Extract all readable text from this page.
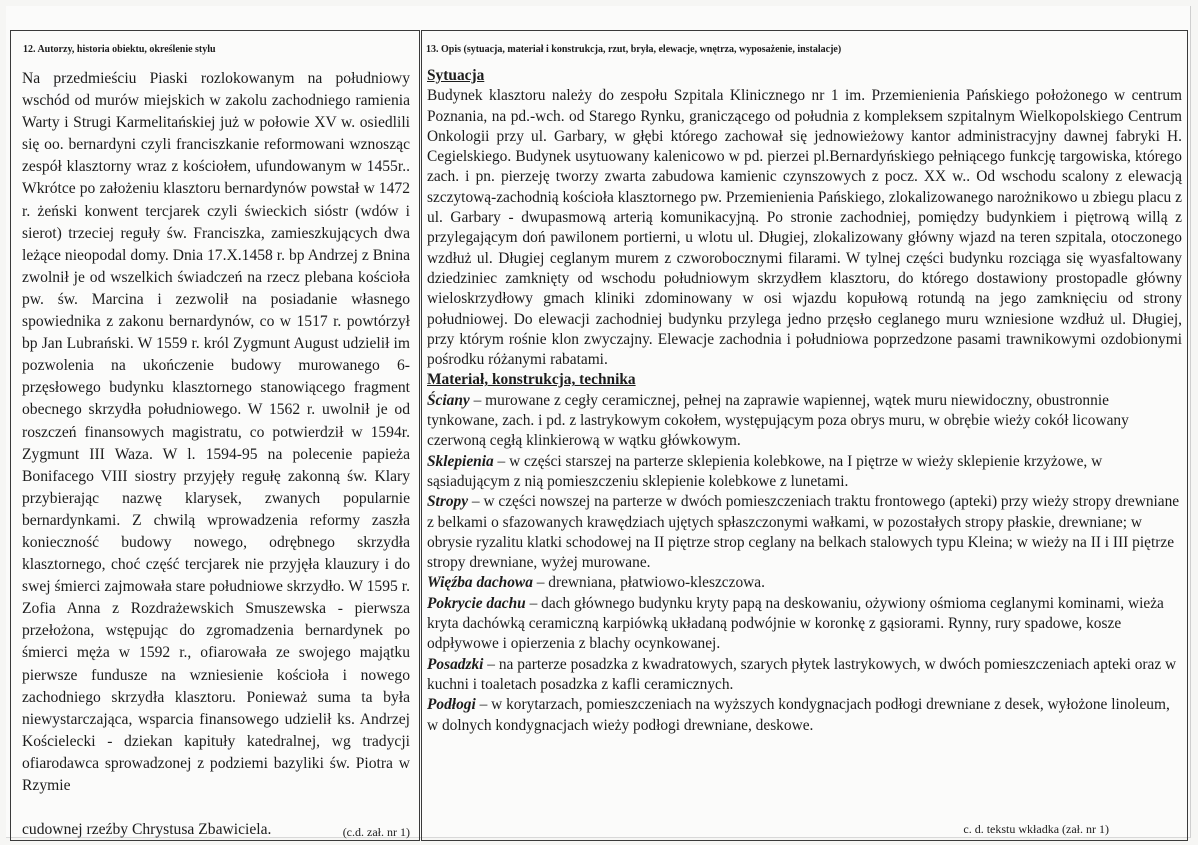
12. Autorzy, historia obiektu, określenie stylu

Na przedmieściu Piaski rozlokowanym na południowy wschód od murów miejskich w zakolu zachodniego ramienia Warty i Strugi Karmelitańskiej już w połowie XV w. osiedlili się oo. bernardyni czyli franciszkanie reformowani wznosząc zespół klasztorny wraz z kościołem, ufundowanym w 1455r.. Wkrótce po założeniu klasztoru bernardynów powstał w 1472 r. żeński konwent tercjarek czyli świeckich sióstr (wdów i sierot) trzeciej reguły św. Franciszka, zamieszkujących dwa leżące nieopodal domy. Dnia 17.X.1458 r. bp Andrzej z Bnina zwolnił je od wszelkich świadczeń na rzecz plebana kościoła pw. św. Marcina i zezwolił na posiadanie własnego spowiednika z zakonu bernardynów, co w 1517 r. powtórzył bp Jan Lubrański. W 1559 r. król Zygmunt August udzielił im pozwolenia na ukończenie budowy murowanego 6-przęsłowego budynku klasztornego stanowiącego fragment obecnego skrzydła południowego. W 1562 r. uwolnił je od roszczeń finansowych magistratu, co potwierdził w 1594r. Zygmunt III Waza. W l. 1594-95 na polecenie papieża Bonifacego VIII siostry przyjęły regułę zakonną św. Klary przybierając nazwę klarysek, zwanych popularnie bernardynkami. Z chwilą wprowadzenia reformy zaszła konieczność budowy nowego, odrębnego skrzydła klasztornego, choć część tercjarek nie przyjęła klauzury i do swej śmierci zajmowała stare południowe skrzydło. W 1595 r. Zofia Anna z Rozdrażewskich Smuszewska - pierwsza przełożona, wstępując do zgromadzenia bernardynek po śmierci męża w 1592 r., ofiarowała ze swojego majątku pierwsze fundusze na wzniesienie kościoła i nowego zachodniego skrzydła klasztoru. Ponieważ suma ta była niewystarczająca, wsparcia finansowego udzielił ks. Andrzej Kościelecki - dziekan kapituły katedralnej, wg tradycji ofiarodawca sprowadzonej z podziemi bazyliki św. Piotra w Rzymie

cudownej rzeźby Chrystusa Zbawiciela.	(c.d. zał. nr 1)
13. Opis (sytuacja, materiał i konstrukcja, rzut, bryła, elewacje, wnętrza, wyposażenie, instalacje)

Sytuacja

Budynek klasztoru należy do zespołu Szpitala Klinicznego nr 1 im. Przemienienia Pańskiego położonego w centrum Poznania, na pd.-wch. od Starego Rynku, graniczącego od południa z kompleksem szpitalnym Wielkopolskiego Centrum Onkologii przy ul. Garbary, w głębi którego zachował się jednowieżowy kantor administracyjny dawnej fabryki H. Cegielskiego. Budynek usytuowany kalenicowo w pd. pierzei pl.Bernardyńskiego pełniącego funkcję targowiska, którego zach. i pn. pierzeję tworzy zwarta zabudowa kamienic czynszowych z pocz. XX w.. Od wschodu scalony z elewacją szczytową-zachodnią kościoła klasztornego pw. Przemienienia Pańskiego, zlokalizowanego narożnikowo u zbiegu placu z ul. Garbary - dwupasmową arterią komunikacyjną. Po stronie zachodniej, pomiędzy budynkiem i piętrową willą z przylegającym doń pawilonem portierni, u wlotu ul. Długiej, zlokalizowany główny wjazd na teren szpitala, otoczonego wzdłuż ul. Długiej ceglanym murem z czworobocznymi filarami. W tylnej części budynku rozciąga się wyasfaltowany dziedziniec zamknięty od wschodu południowym skrzydłem klasztoru, do którego dostawiony prostopadle główny wieloskrzydłowy gmach kliniki zdominowany w osi wjazdu kopułową rotundą na jego zamknięciu od strony południowej. Do elewacji zachodniej budynku przylega jedno przęsło ceglanego muru wzniesione wzdłuż ul. Długiej, przy którym rośnie klon zwyczajny. Elewacje zachodnia i południowa poprzedzone pasami trawnikowymi ozdobionymi pośrodku różanymi rabatami.

Materiał, konstrukcja, technika

Ściany – murowane z cegły ceramicznej, pełnej na zaprawie wapiennej, wątek muru niewidoczny, obustronnie tynkowane, zach. i pd. z lastrykowym cokołem, występującym poza obrys muru, w obrębie wieży cokół licowany czerwoną cegłą klinkierową w wątku główkowym.

Sklepienia – w części starszej na parterze sklepienia kolebkowe, na I piętrze w wieży sklepienie krzyżowe, w sąsiadującym z nią pomieszczeniu sklepienie kolebkowe z lunetami.

Stropy – w części nowszej na parterze w dwóch pomieszczeniach traktu frontowego (apteki) przy wieży stropy drewniane z belkami o sfazowanych krawędziach ujętych spłaszczonymi wałkami, w pozostałych stropy płaskie, drewniane; w obrysie ryzalitu klatki schodowej na II piętrze strop ceglany na belkach stalowych typu Kleina; w wieży na II i III piętrze stropy drewniane, wyżej murowane.

Więźba dachowa – drewniana, płatwiowo-kleszczowa.

Pokrycie dachu – dach głównego budynku kryty papą na deskowaniu, ożywiony ośmioma ceglanymi kominami, wieża kryta dachówką ceramiczną karpiówką układaną podwójnie w koronkę z gąsiorami. Rynny, rury spadowe, kosze odpływowe i opierzenia z blachy ocynkowanej.

Posadzki – na parterze posadzka z kwadratowych, szarych płytek lastrykowych, w dwóch pomieszczeniach apteki oraz w kuchni i toaletach posadzka z kafli ceramicznych.

Podłogi – w korytarzach, pomieszczeniach na wyższych kondygnacjach podłogi drewniane z desek, wyłożone linoleum, w dolnych kondygnacjach wieży podłogi drewniane, deskowe.

c. d. tekstu wkładka (zał. nr 1)
